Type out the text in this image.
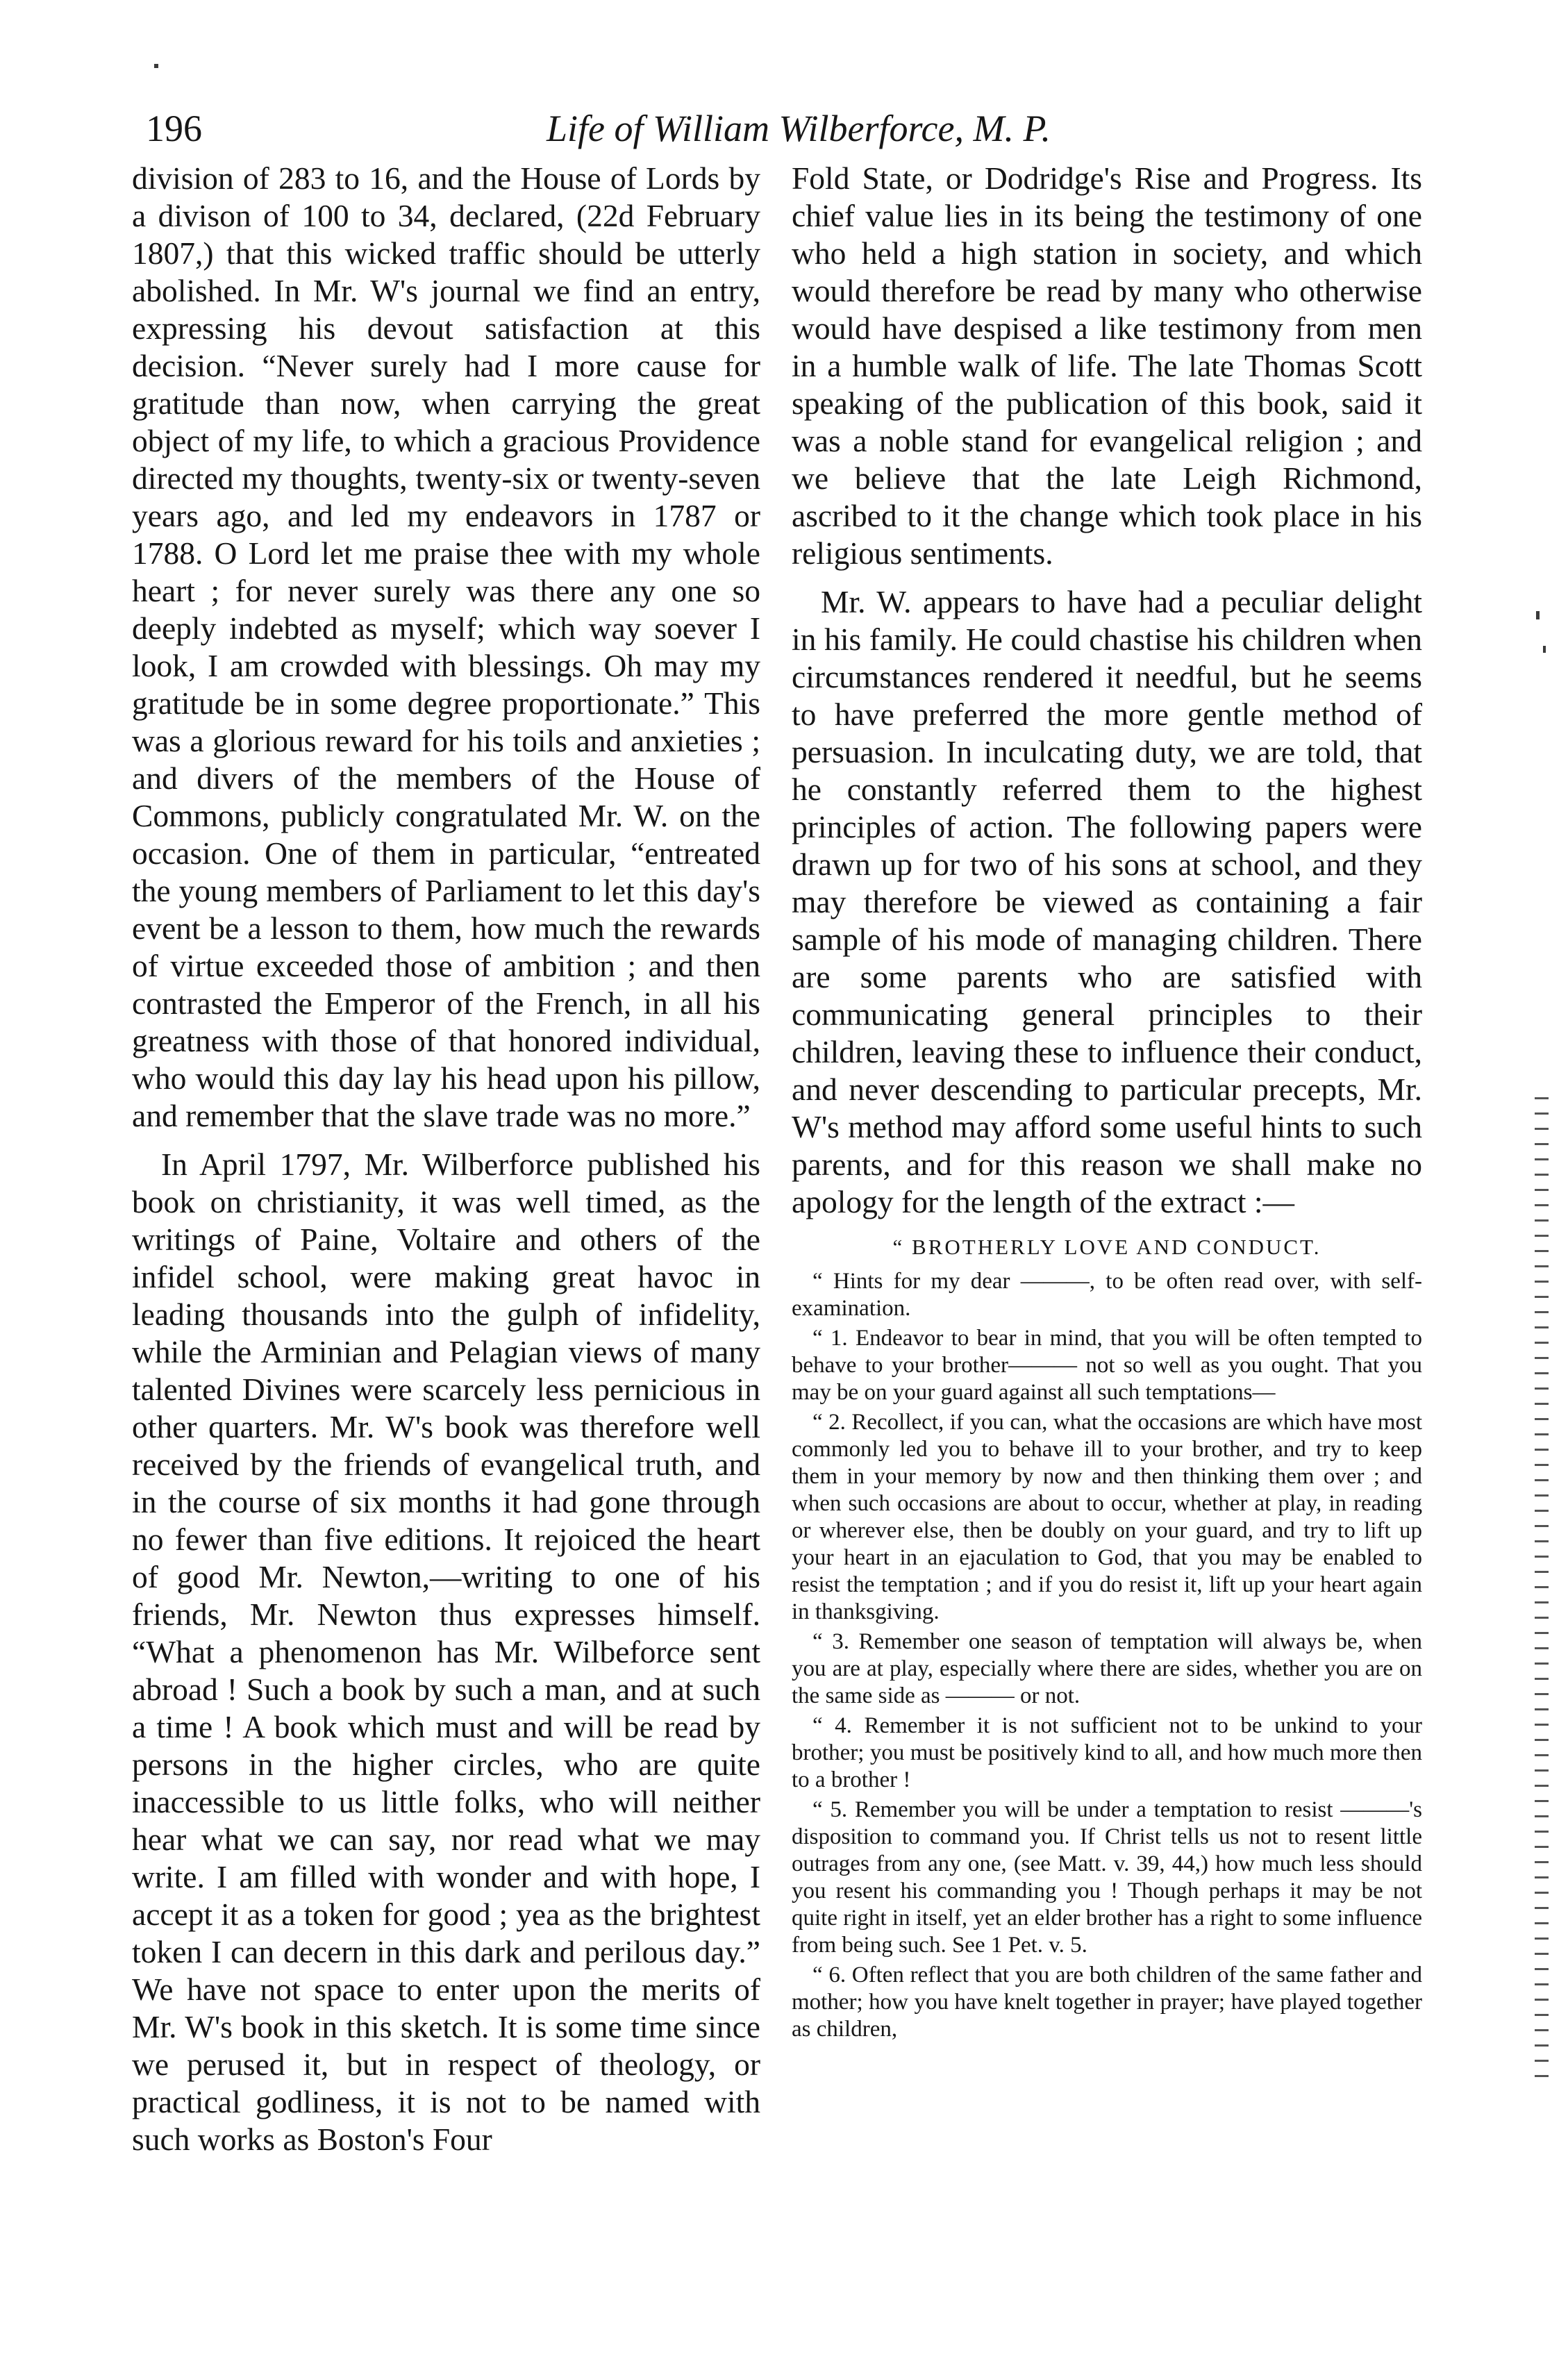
196	Life of William Wilberforce, M. P.

division of 283 to 16, and the House of Lords by a divison of 100 to 34, declared, (22d February 1807,) that this wicked traffic should be utterly abolished. In Mr. W's journal we find an entry, expressing his devout satisfaction at this decision. “Never surely had I more cause for gratitude than now, when carrying the great object of my life, to which a gracious Providence directed my thoughts, twenty-six or twenty-seven years ago, and led my endeavors in 1787 or 1788. O Lord let me praise thee with my whole heart ; for never surely was there any one so deeply indebted as myself; which way soever I look, I am crowded with blessings. Oh may my gratitude be in some degree proportionate.” This was a glorious reward for his toils and anxieties ; and divers of the members of the House of Commons, publicly congratulated Mr. W. on the occasion. One of them in particular, “entreated the young members of Parliament to let this day's event be a lesson to them, how much the rewards of virtue exceeded those of ambition ; and then contrasted the Emperor of the French, in all his greatness with those of that honored individual, who would this day lay his head upon his pillow, and remember that the slave trade was no more.”

In April 1797, Mr. Wilberforce published his book on christianity, it was well timed, as the writings of Paine, Voltaire and others of the infidel school, were making great havoc in leading thousands into the gulph of infidelity, while the Arminian and Pelagian views of many talented Divines were scarcely less pernicious in other quarters. Mr. W's book was therefore well received by the friends of evangelical truth, and in the course of six months it had gone through no fewer than five editions. It rejoiced the heart of good Mr. Newton,—writing to one of his friends, Mr. Newton thus expresses himself. “What a phenomenon has Mr. Wilbeforce sent abroad ! Such a book by such a man, and at such a time ! A book which must and will be read by persons in the higher circles, who are quite inaccessible to us little folks, who will neither hear what we can say, nor read what we may write. I am filled with wonder and with hope, I accept it as a token for good ; yea as the brightest token I can decern in this dark and perilous day.” We have not space to enter upon the merits of Mr. W's book in this sketch. It is some time since we perused it, but in respect of theology, or practical godliness, it is not to be named with such works as Boston's Four

Fold State, or Dodridge's Rise and Progress. Its chief value lies in its being the testimony of one who held a high station in society, and which would therefore be read by many who otherwise would have despised a like testimony from men in a humble walk of life. The late Thomas Scott speaking of the publication of this book, said it was a noble stand for evangelical religion ; and we believe that the late Leigh Richmond, ascribed to it the change which took place in his religious sentiments.

Mr. W. appears to have had a peculiar delight in his family. He could chastise his children when circumstances rendered it needful, but he seems to have preferred the more gentle method of persuasion. In inculcating duty, we are told, that he constantly referred them to the highest principles of action. The following papers were drawn up for two of his sons at school, and they may therefore be viewed as containing a fair sample of his mode of managing children. There are some parents who are satisfied with communicating general principles to their children, leaving these to influence their conduct, and never descending to particular precepts, Mr. W's method may afford some useful hints to such parents, and for this reason we shall make no apology for the length of the extract :—

“ BROTHERLY LOVE AND CONDUCT.

“ Hints for my dear ———, to be often read over, with self-examination.

“ 1. Endeavor to bear in mind, that you will be often tempted to behave to your brother——— not so well as you ought. That you may be on your guard against all such temptations—

“ 2. Recollect, if you can, what the occasions are which have most commonly led you to behave ill to your brother, and try to keep them in your memory by now and then thinking them over ; and when such occasions are about to occur, whether at play, in reading or wherever else, then be doubly on your guard, and try to lift up your heart in an ejaculation to God, that you may be enabled to resist the temptation ; and if you do resist it, lift up your heart again in thanksgiving.

“ 3. Remember one season of temptation will always be, when you are at play, especially where there are sides, whether you are on the same side as ——— or not.

“ 4. Remember it is not sufficient not to be unkind to your brother; you must be positively kind to all, and how much more then to a brother !

“ 5. Remember you will be under a temptation to resist ———'s disposition to command you. If Christ tells us not to resent little outrages from any one, (see Matt. v. 39, 44,) how much less should you resent his commanding you ! Though perhaps it may be not quite right in itself, yet an elder brother has a right to some influence from being such. See 1 Pet. v. 5.

“ 6. Often reflect that you are both children of the same father and mother; how you have knelt together in prayer; have played together as children,
